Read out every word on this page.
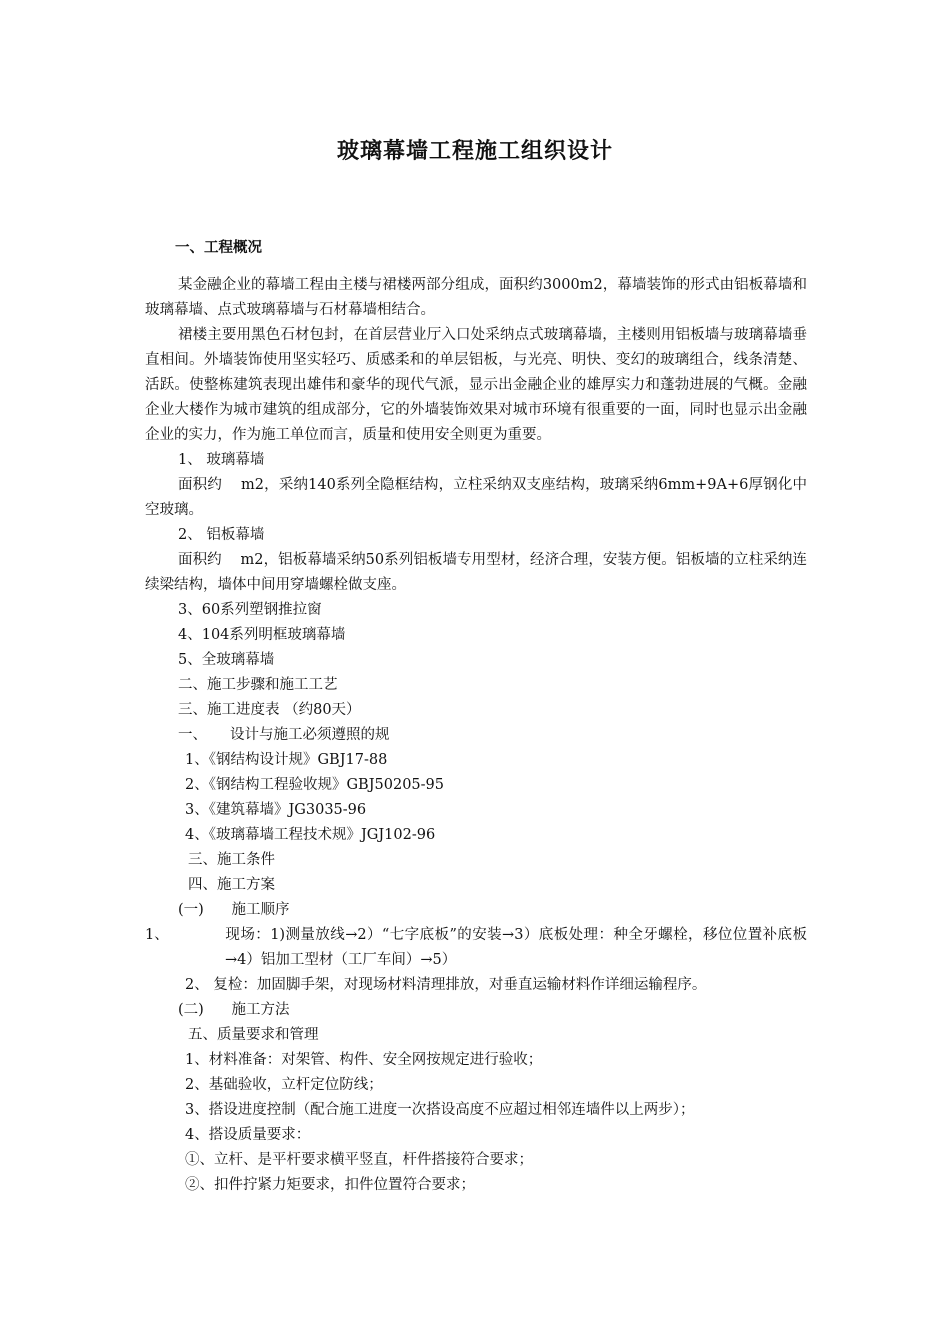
玻璃幕墙工程施工组织设计
一、工程概况

某金融企业的幕墙工程由主楼与裙楼两部分组成，面积约3000m2，幕墙装饰的形式由铝板幕墙和玻璃幕墙、点式玻璃幕墙与石材幕墙相结合。

裙楼主要用黑色石材包封，在首层营业厅入口处采纳点式玻璃幕墙，主楼则用铝板墙与玻璃幕墙垂直相间。外墙装饰使用坚实轻巧、质感柔和的单层铝板，与光亮、明快、变幻的玻璃组合，线条清楚、活跃。使整栋建筑表现出雄伟和豪华的现代气派，显示出金融企业的雄厚实力和蓬勃进展的气概。金融企业大楼作为城市建筑的组成部分，它的外墙装饰效果对城市环境有很重要的一面，同时也显示出金融企业的实力，作为施工单位而言，质量和使用安全则更为重要。

1、 玻璃幕墙

面积约    m2，采纳140系列全隐框结构，立柱采纳双支座结构，玻璃采纳6mm+9A+6厚钢化中空玻璃。

2、 铝板幕墙

面积约    m2，铝板幕墙采纳50系列铝板墙专用型材，经济合理，安装方便。铝板墙的立柱采纳连续梁结构，墙体中间用穿墙螺栓做支座。

3、60系列塑钢推拉窗

4、104系列明框玻璃幕墙

5、全玻璃幕墙

二、施工步骤和施工工艺

三、施工进度表 （约80天）

一、     设计与施工必须遵照的规

1、《钢结构设计规》GBJ17-88

2、《钢结构工程验收规》GBJ50205-95

3、《建筑幕墙》JG3035-96

4、《玻璃幕墙工程技术规》JGJ102-96

三、施工条件

四、施工方案

(一)      施工顺序

1、	现场：1)测量放线→2）“七字底板”的安装→3）底板处理：种全牙螺栓，移位位置补底板→4）铝加工型材（工厂车间）→5）

2、 复检：加固脚手架，对现场材料清理排放，对垂直运输材料作详细运输程序。

(二)      施工方法

五、质量要求和管理

1、材料准备：对架管、构件、安全网按规定进行验收；

2、基础验收，立杆定位防线；

3、搭设进度控制（配合施工进度一次搭设高度不应超过相邻连墙件以上两步）；

4、搭设质量要求：

①、立杆、是平杆要求横平竖直，杆件搭接符合要求；

②、扣件拧紧力矩要求，扣件位置符合要求；
